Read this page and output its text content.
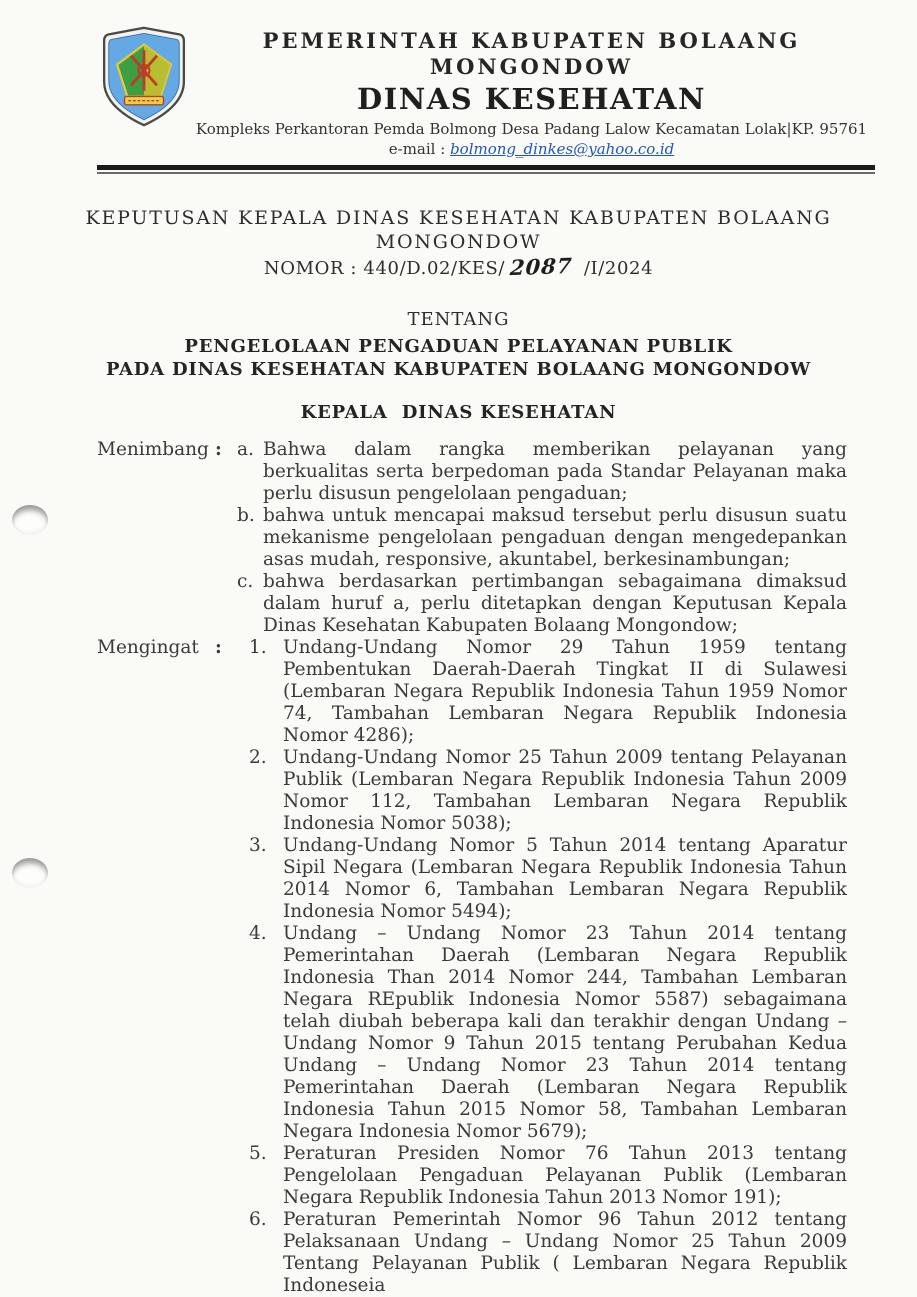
PEMERINTAH KABUPATEN BOLAANG MONGONDOW
DINAS KESEHATAN
Kompleks Perkantoran Pemda Bolmong Desa Padang Lalow Kecamatan Lolak|KP. 95761
e-mail : bolmong_dinkes@yahoo.co.id
KEPUTUSAN KEPALA DINAS KESEHATAN KABUPATEN BOLAANG MONGONDOW
NOMOR : 440/D.02/KES/ 2087 /I/2024
TENTANG
PENGELOLAAN PENGADUAN PELAYANAN PUBLIK
PADA DINAS KESEHATAN KABUPATEN BOLAANG MONGONDOW
KEPALA  DINAS KESEHATAN
Menimbang : a. Bahwa dalam rangka memberikan pelayanan yang berkualitas serta berpedoman pada Standar Pelayanan maka perlu disusun pengelolaan pengaduan;
b. bahwa untuk mencapai maksud tersebut perlu disusun suatu mekanisme pengelolaan pengaduan dengan mengedepankan asas mudah, responsive, akuntabel, berkesinambungan;
c. bahwa berdasarkan pertimbangan sebagaimana dimaksud dalam huruf a, perlu ditetapkan dengan Keputusan Kepala Dinas Kesehatan Kabupaten Bolaang Mongondow;
Mengingat :	1. Undang-Undang Nomor 29 Tahun 1959 tentang Pembentukan Daerah-Daerah Tingkat II di Sulawesi (Lembaran Negara Republik Indonesia Tahun 1959 Nomor 74, Tambahan Lembaran Negara Republik Indonesia Nomor 4286);
2. Undang-Undang Nomor 25 Tahun 2009 tentang Pelayanan Publik (Lembaran Negara Republik Indonesia Tahun 2009 Nomor 112, Tambahan Lembaran Negara Republik Indonesia Nomor 5038);
3. Undang-Undang Nomor 5 Tahun 2014 tentang Aparatur Sipil Negara (Lembaran Negara Republik Indonesia Tahun 2014 Nomor 6, Tambahan Lembaran Negara Republik Indonesia Nomor 5494);
4. Undang – Undang Nomor 23 Tahun 2014 tentang Pemerintahan Daerah (Lembaran Negara Republik Indonesia Than 2014 Nomor 244, Tambahan Lembaran Negara REpublik Indonesia Nomor 5587) sebagaimana telah diubah beberapa kali dan terakhir dengan Undang – Undang Nomor 9 Tahun 2015 tentang Perubahan Kedua Undang – Undang Nomor 23 Tahun 2014 tentang Pemerintahan Daerah (Lembaran Negara Republik Indonesia Tahun 2015 Nomor 58, Tambahan Lembaran Negara Indonesia Nomor 5679);
5. Peraturan Presiden Nomor 76 Tahun 2013 tentang Pengelolaan Pengaduan Pelayanan Publik (Lembaran Negara Republik Indonesia Tahun 2013 Nomor 191);
6. Peraturan Pemerintah Nomor 96 Tahun 2012 tentang Pelaksanaan Undang – Undang Nomor 25 Tahun 2009 Tentang Pelayanan Publik ( Lembaran Negara Republik Indoneseia
